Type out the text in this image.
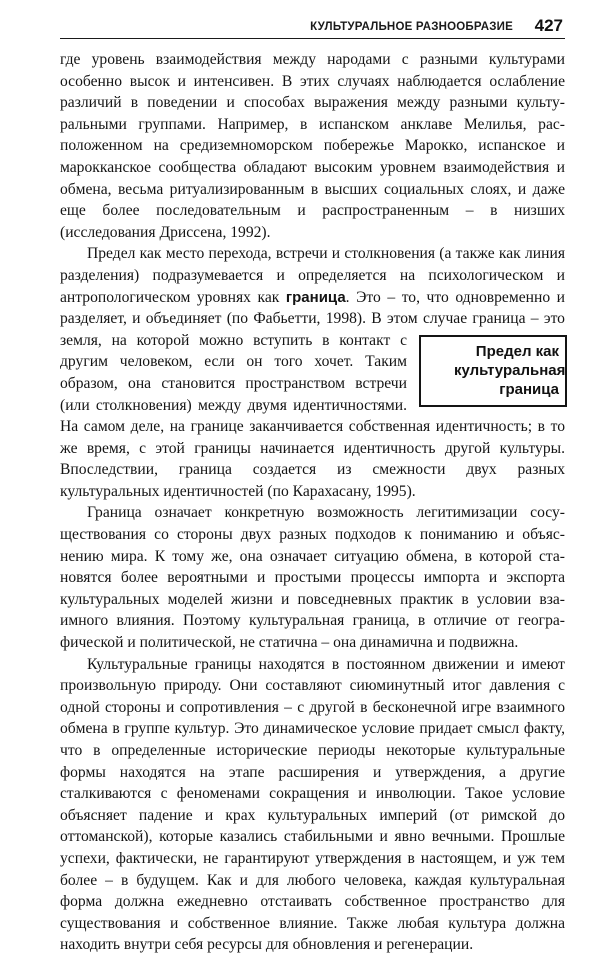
КУЛЬТУРАЛЬНОЕ РАЗНООБРАЗИЕ 427

где уровень взаимодействия между народами с разными культурами особенно высок и интенсивен. В этих случаях наблюдается ослабление различий в поведении и способах выражения между разными культуральными группами. Например, в испанском анклаве Мелилья, расположенном на средиземноморском побережье Марокко, испанское и марокканское сообщества обладают высоким уровнем взаимодействия и обмена, весьма ритуализированным в высших социальных слоях, и даже еще более последовательным и распространенным – в низших (исследования Дриссена, 1992).

Предел как место перехода, встречи и столкновения (а также как линия разделения) подразумевается и определяется на психологическом и антропологическом уровнях как граница. Это – то, что одновременно и разделяет, и объединяет (по Фабьетти, 1998). В этом случае
Предел как
культуральная
граница
граница – это земля, на которой можно вступить в контакт с другим человеком, если он того хочет. Таким образом, она становится пространством встречи (или столкновения) между двумя идентичностями. На самом деле, на границе заканчивается собственная идентичность; в то же время, с этой границы начинается идентичность другой культуры. Впоследствии, граница создается из смежности двух разных культуральных идентичностей (по Карахасану, 1995).

Граница означает конкретную возможность легитимизации сосуществования со стороны двух разных подходов к пониманию и объяснению мира. К тому же, она означает ситуацию обмена, в которой становятся более вероятными и простыми процессы импорта и экспорта культуральных моделей жизни и повседневных практик в условии взаимного влияния. Поэтому культуральная граница, в отличие от географической и политической, не статична – она динамична и подвижна.

Культуральные границы находятся в постоянном движении и имеют произвольную природу. Они составляют сиюминутный итог давления с одной стороны и сопротивления – с другой в бесконечной игре взаимного обмена в группе культур. Это динамическое условие придает смысл факту, что в определенные исторические периоды некоторые культуральные формы находятся на этапе расширения и утверждения, а другие сталкиваются с феноменами сокращения и инволюции. Такое условие объясняет падение и крах культуральных империй (от римской до оттоманской), которые казались стабильными и явно вечными. Прошлые успехи, фактически, не гарантируют утверждения в настоящем, и уж тем более – в будущем. Как и для любого человека, каждая культуральная форма должна ежедневно отстаивать собственное пространство для существования и собственное влияние. Также любая культура должна находить внутри себя ресурсы для обновления и регенерации.
